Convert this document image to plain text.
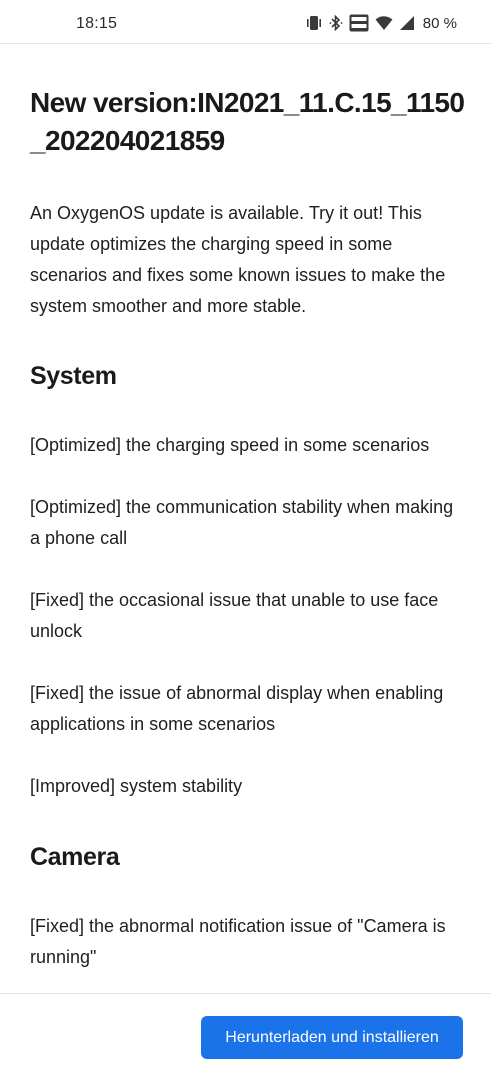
18:15	80 %
New version:IN2021_11.C.15_1150_202204021859

An OxygenOS update is available. Try it out! This update optimizes the charging speed in some scenarios and fixes some known issues to make the system smoother and more stable.

System

[Optimized] the charging speed in some scenarios

[Optimized] the communication stability when making a phone call

[Fixed] the occasional issue that unable to use face unlock

[Fixed] the issue of abnormal display when enabling applications in some scenarios

[Improved] system stability

Camera

[Fixed] the abnormal notification issue of "Camera is running"

Herunterladen und installieren
